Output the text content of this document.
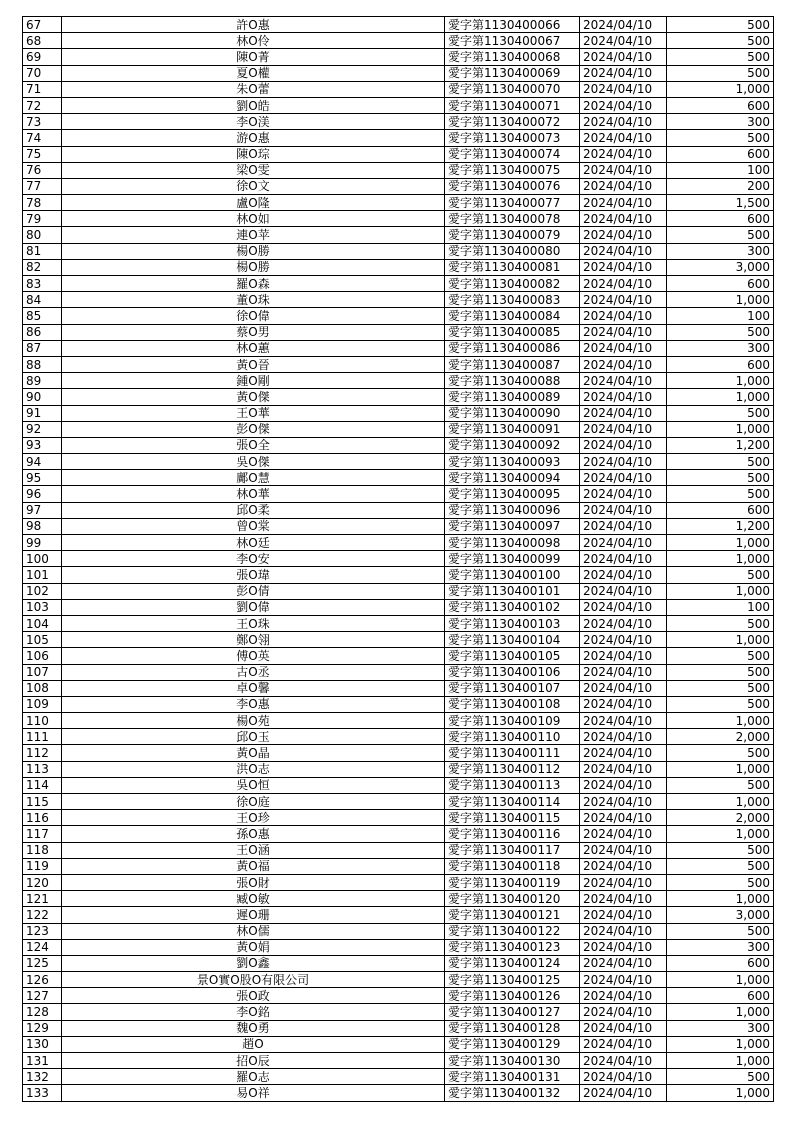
67	許O惠	愛字第1130400066	2024/04/10	500
68	林O伶	愛字第1130400067	2024/04/10	500
69	陳O菁	愛字第1130400068	2024/04/10	500
70	夏O權	愛字第1130400069	2024/04/10	500
71	朱O蕾	愛字第1130400070	2024/04/10	1,000
72	劉O皓	愛字第1130400071	2024/04/10	600
73	李O渼	愛字第1130400072	2024/04/10	300
74	游O惠	愛字第1130400073	2024/04/10	500
75	陳O琮	愛字第1130400074	2024/04/10	600
76	梁O雯	愛字第1130400075	2024/04/10	100
77	徐O文	愛字第1130400076	2024/04/10	200
78	盧O隆	愛字第1130400077	2024/04/10	1,500
79	林O如	愛字第1130400078	2024/04/10	600
80	連O苹	愛字第1130400079	2024/04/10	500
81	楊O勝	愛字第1130400080	2024/04/10	300
82	楊O勝	愛字第1130400081	2024/04/10	3,000
83	羅O森	愛字第1130400082	2024/04/10	600
84	董O珠	愛字第1130400083	2024/04/10	1,000
85	徐O偉	愛字第1130400084	2024/04/10	100
86	蔡O男	愛字第1130400085	2024/04/10	500
87	林O蕙	愛字第1130400086	2024/04/10	300
88	黃O晉	愛字第1130400087	2024/04/10	600
89	鍾O剛	愛字第1130400088	2024/04/10	1,000
90	黃O傑	愛字第1130400089	2024/04/10	1,000
91	王O華	愛字第1130400090	2024/04/10	500
92	彭O傑	愛字第1130400091	2024/04/10	1,000
93	張O全	愛字第1130400092	2024/04/10	1,200
94	吳O傑	愛字第1130400093	2024/04/10	500
95	鄺O慧	愛字第1130400094	2024/04/10	500
96	林O華	愛字第1130400095	2024/04/10	500
97	邱O柔	愛字第1130400096	2024/04/10	600
98	曾O棠	愛字第1130400097	2024/04/10	1,200
99	林O廷	愛字第1130400098	2024/04/10	1,000
100	李O安	愛字第1130400099	2024/04/10	1,000
101	張O瑋	愛字第1130400100	2024/04/10	500
102	彭O倩	愛字第1130400101	2024/04/10	1,000
103	劉O偉	愛字第1130400102	2024/04/10	100
104	王O珠	愛字第1130400103	2024/04/10	500
105	鄭O翎	愛字第1130400104	2024/04/10	1,000
106	傅O英	愛字第1130400105	2024/04/10	500
107	古O丞	愛字第1130400106	2024/04/10	500
108	卓O馨	愛字第1130400107	2024/04/10	500
109	李O惠	愛字第1130400108	2024/04/10	500
110	楊O苑	愛字第1130400109	2024/04/10	1,000
111	邱O玉	愛字第1130400110	2024/04/10	2,000
112	黃O晶	愛字第1130400111	2024/04/10	500
113	洪O志	愛字第1130400112	2024/04/10	1,000
114	吳O恒	愛字第1130400113	2024/04/10	500
115	徐O庭	愛字第1130400114	2024/04/10	1,000
116	王O珍	愛字第1130400115	2024/04/10	2,000
117	孫O惠	愛字第1130400116	2024/04/10	1,000
118	王O涵	愛字第1130400117	2024/04/10	500
119	黃O福	愛字第1130400118	2024/04/10	500
120	張O財	愛字第1130400119	2024/04/10	500
121	臧O敏	愛字第1130400120	2024/04/10	1,000
122	遲O珊	愛字第1130400121	2024/04/10	3,000
123	林O儒	愛字第1130400122	2024/04/10	500
124	黃O娟	愛字第1130400123	2024/04/10	300
125	劉O鑫	愛字第1130400124	2024/04/10	600
126	景O實O股O有限公司	愛字第1130400125	2024/04/10	1,000
127	張O政	愛字第1130400126	2024/04/10	600
128	李O銘	愛字第1130400127	2024/04/10	1,000
129	魏O勇	愛字第1130400128	2024/04/10	300
130	趙O	愛字第1130400129	2024/04/10	1,000
131	招O辰	愛字第1130400130	2024/04/10	1,000
132	羅O志	愛字第1130400131	2024/04/10	500
133	易O祥	愛字第1130400132	2024/04/10	1,000
